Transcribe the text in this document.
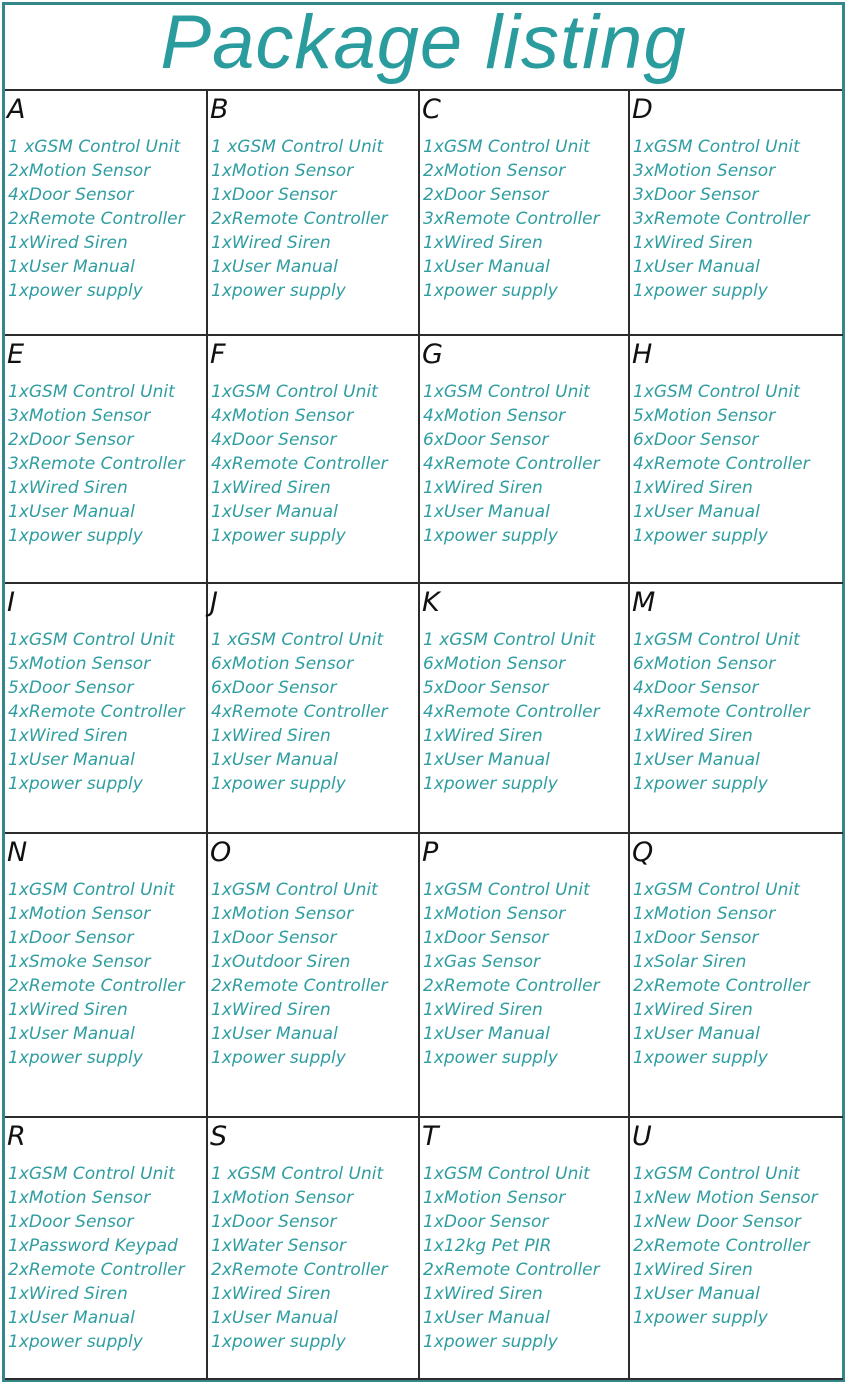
Package listing
A
1 xGSM Control Unit
2xMotion Sensor
4xDoor Sensor
2xRemote Controller
1xWired Siren
1xUser Manual
1xpower supply
B
1 xGSM Control Unit
1xMotion Sensor
1xDoor Sensor
2xRemote Controller
1xWired Siren
1xUser Manual
1xpower supply
C
1xGSM Control Unit
2xMotion Sensor
2xDoor Sensor
3xRemote Controller
1xWired Siren
1xUser Manual
1xpower supply
D
1xGSM Control Unit
3xMotion Sensor
3xDoor Sensor
3xRemote Controller
1xWired Siren
1xUser Manual
1xpower supply
E
1xGSM Control Unit
3xMotion Sensor
2xDoor Sensor
3xRemote Controller
1xWired Siren
1xUser Manual
1xpower supply
F
1xGSM Control Unit
4xMotion Sensor
4xDoor Sensor
4xRemote Controller
1xWired Siren
1xUser Manual
1xpower supply
G
1xGSM Control Unit
4xMotion Sensor
6xDoor Sensor
4xRemote Controller
1xWired Siren
1xUser Manual
1xpower supply
H
1xGSM Control Unit
5xMotion Sensor
6xDoor Sensor
4xRemote Controller
1xWired Siren
1xUser Manual
1xpower supply
I
1xGSM Control Unit
5xMotion Sensor
5xDoor Sensor
4xRemote Controller
1xWired Siren
1xUser Manual
1xpower supply
J
1 xGSM Control Unit
6xMotion Sensor
6xDoor Sensor
4xRemote Controller
1xWired Siren
1xUser Manual
1xpower supply
K
1 xGSM Control Unit
6xMotion Sensor
5xDoor Sensor
4xRemote Controller
1xWired Siren
1xUser Manual
1xpower supply
M
1xGSM Control Unit
6xMotion Sensor
4xDoor Sensor
4xRemote Controller
1xWired Siren
1xUser Manual
1xpower supply
N
1xGSM Control Unit
1xMotion Sensor
1xDoor Sensor
1xSmoke Sensor
2xRemote Controller
1xWired Siren
1xUser Manual
1xpower supply
O
1xGSM Control Unit
1xMotion Sensor
1xDoor Sensor
1xOutdoor Siren
2xRemote Controller
1xWired Siren
1xUser Manual
1xpower supply
P
1xGSM Control Unit
1xMotion Sensor
1xDoor Sensor
1xGas Sensor
2xRemote Controller
1xWired Siren
1xUser Manual
1xpower supply
Q
1xGSM Control Unit
1xMotion Sensor
1xDoor Sensor
1xSolar Siren
2xRemote Controller
1xWired Siren
1xUser Manual
1xpower supply
R
1xGSM Control Unit
1xMotion Sensor
1xDoor Sensor
1xPassword Keypad
2xRemote Controller
1xWired Siren
1xUser Manual
1xpower supply
S
1 xGSM Control Unit
1xMotion Sensor
1xDoor Sensor
1xWater Sensor
2xRemote Controller
1xWired Siren
1xUser Manual
1xpower supply
T
1xGSM Control Unit
1xMotion Sensor
1xDoor Sensor
1x12kg Pet PIR
2xRemote Controller
1xWired Siren
1xUser Manual
1xpower supply
U
1xGSM Control Unit
1xNew Motion Sensor
1xNew Door Sensor
2xRemote Controller
1xWired Siren
1xUser Manual
1xpower supply
